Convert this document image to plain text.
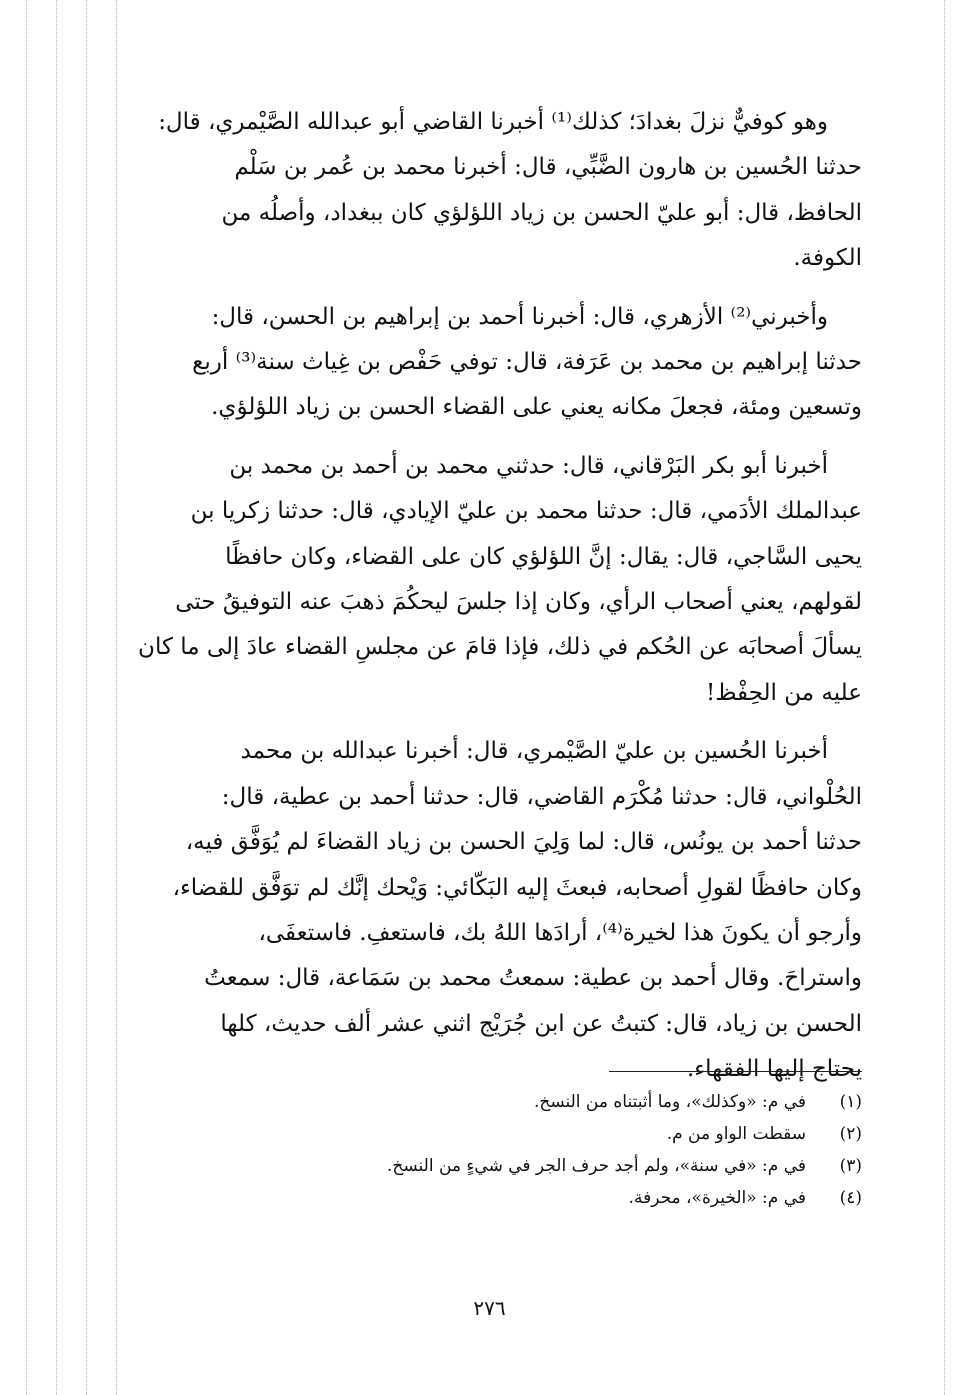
وهو كوفيٌّ نزلَ بغدادَ؛ كذلك⁽¹⁾ أخبرنا القاضي أبو عبدالله الصَّيْمري، قال:
حدثنا الحُسين بن هارون الضَّبِّي، قال: أخبرنا محمد بن عُمر بن سَلْم
الحافظ، قال: أبو عليّ الحسن بن زياد اللؤلؤي كان ببغداد، وأصلُه من
الكوفة.

وأخبرني⁽²⁾ الأزهري، قال: أخبرنا أحمد بن إبراهيم بن الحسن، قال:
حدثنا إبراهيم بن محمد بن عَرَفة، قال: توفي حَفْص بن غِياث سنة⁽³⁾ أربع
وتسعين ومئة، فجعلَ مكانه يعني على القضاء الحسن بن زياد اللؤلؤي.

أخبرنا أبو بكر البَرْقاني، قال: حدثني محمد بن أحمد بن محمد بن
عبدالملك الأدَمي، قال: حدثنا محمد بن عليّ الإيادي، قال: حدثنا زكريا بن
يحيى السَّاجي، قال: يقال: إنَّ اللؤلؤي كان على القضاء، وكان حافظًا
لقولهم، يعني أصحاب الرأي، وكان إذا جلسَ ليحكُمَ ذهبَ عنه التوفيقُ حتى
يسألَ أصحابَه عن الحُكم في ذلك، فإذا قامَ عن مجلسِ القضاء عادَ إلى ما كان
عليه من الحِفْظ!

أخبرنا الحُسين بن عليّ الصَّيْمري، قال: أخبرنا عبدالله بن محمد
الحُلْواني، قال: حدثنا مُكْرَم القاضي، قال: حدثنا أحمد بن عطية، قال:
حدثنا أحمد بن يونُس، قال: لما وَلِيَ الحسن بن زياد القضاءَ لم يُوَفَّق فيه،
وكان حافظًا لقولِ أصحابه، فبعثَ إليه البَكّائي: وَيْحك إنَّك لم توَفَّق للقضاء،
وأرجو أن يكونَ هذا لخيرة⁽⁴⁾، أرادَها اللهُ بك، فاستعفِ. فاستعفَى،
واستراحَ. وقال أحمد بن عطية: سمعتُ محمد بن سَمَاعة، قال: سمعتُ
الحسن بن زياد، قال: كتبتُ عن ابن جُرَيْج اثني عشر ألف حديث، كلها
يحتاج إليها الفقهاء.

(١)
في م: «وكذلك»، وما أثبتناه من النسخ.
(٢)
سقطت الواو من م.
(٣)
في م: «في سنة»، ولم أجد حرف الجر في شيءٍ من النسخ.
(٤)
في م: «الخيرة»، محرفة.
٢٧٦
